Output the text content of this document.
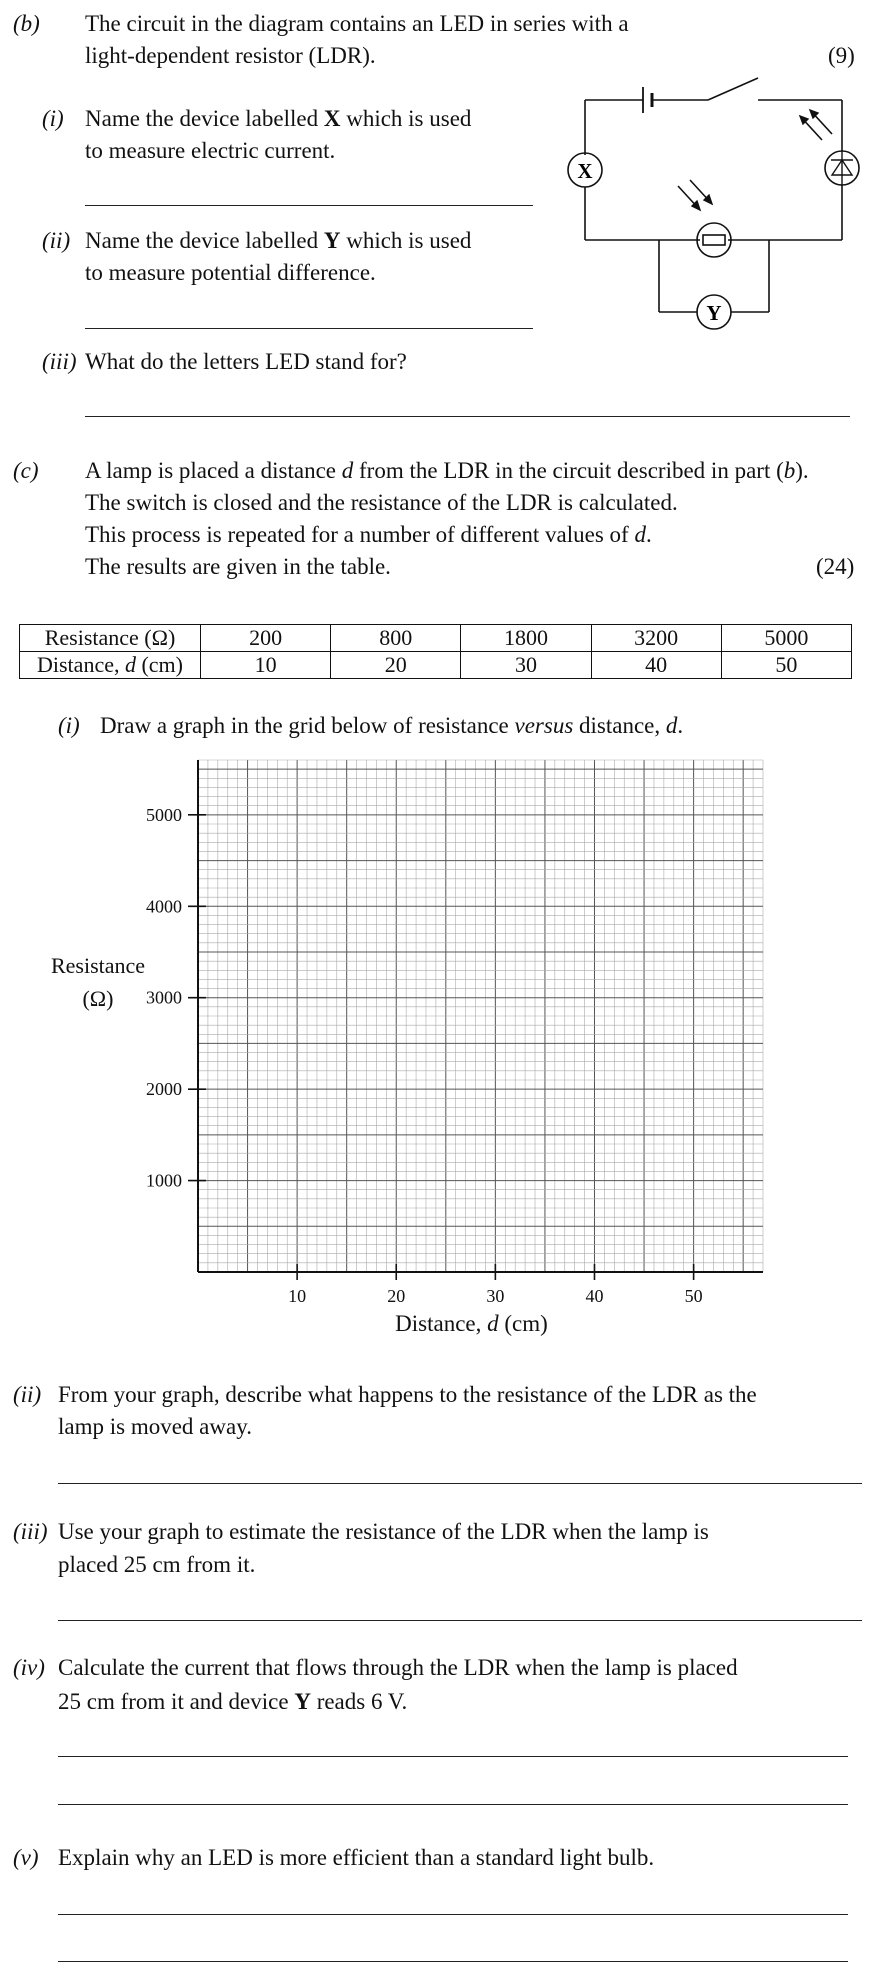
(b) The circuit in the diagram contains an LED in series with a
light-dependent resistor (LDR).	(9)
(i) Name the device labelled X which is used
to measure electric current.
(ii) Name the device labelled Y which is used
to measure potential difference.
(iii) What do the letters LED stand for?
X
Y
(c) A lamp is placed a distance d from the LDR in the circuit described in part (b).
The switch is closed and the resistance of the LDR is calculated.
This process is repeated for a number of different values of d.
The results are given in the table.	(24)
Resistance (Ω)	200	800	1800	3200	5000
Distance, d (cm)	10	20	30	40	50
(i) Draw a graph in the grid below of resistance versus distance, d.
10	20	30	40	50
1000
2000
3000
4000
5000
Distance, d (cm)
Resistance
(Ω)
(ii) From your graph, describe what happens to the resistance of the LDR as the
lamp is moved away.
(iii) Use your graph to estimate the resistance of the LDR when the lamp is
placed 25 cm from it.
(iv) Calculate the current that flows through the LDR when the lamp is placed
25 cm from it and device Y reads 6 V.
(v) Explain why an LED is more efficient than a standard light bulb.
